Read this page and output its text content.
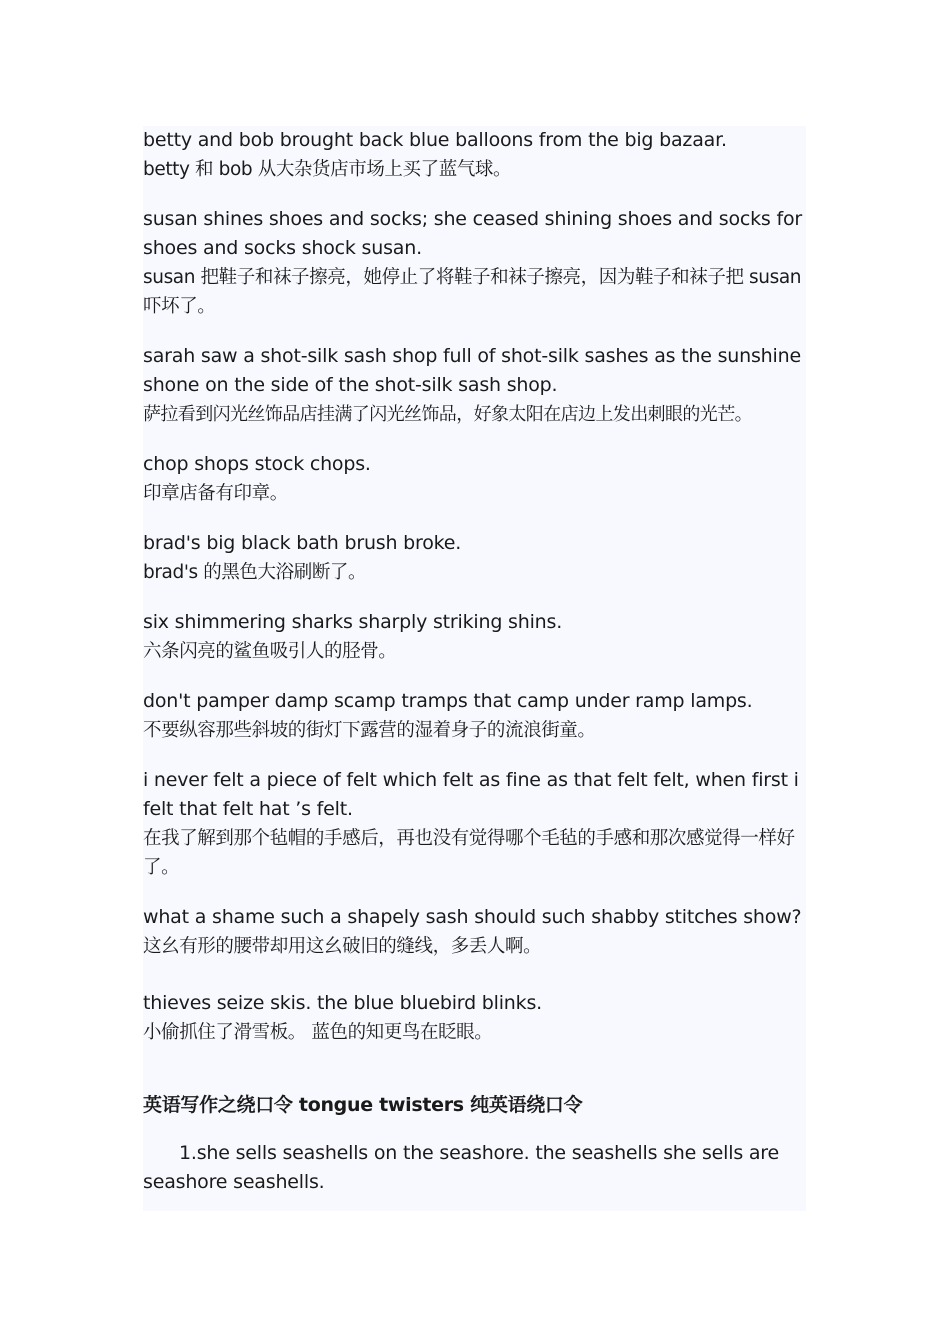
betty and bob brought back blue balloons from the big bazaar.
betty 和 bob 从大杂货店市场上买了蓝气球。

susan shines shoes and socks; she ceased shining shoes and socks for shoes and socks shock susan.
susan 把鞋子和袜子擦亮，她停止了将鞋子和袜子擦亮，因为鞋子和袜子把 susan 吓坏了。

sarah saw a shot-silk sash shop full of shot-silk sashes as the sunshine shone on the side of the shot-silk sash shop.
萨拉看到闪光丝饰品店挂满了闪光丝饰品，好象太阳在店边上发出刺眼的光芒。

chop shops stock chops.
印章店备有印章。

brad's big black bath brush broke.
brad's 的黑色大浴刷断了。

six shimmering sharks sharply striking shins.
六条闪亮的鲨鱼吸引人的胫骨。

don't pamper damp scamp tramps that camp under ramp lamps.
不要纵容那些斜坡的街灯下露营的湿着身子的流浪街童。

i never felt a piece of felt which felt as fine as that felt felt, when first i felt that felt hat ’s felt.
在我了解到那个毡帽的手感后，再也没有觉得哪个毛毡的手感和那次感觉得一样好了。

what a shame such a shapely sash should such shabby stitches show?
这幺有形的腰带却用这幺破旧的缝线，多丢人啊。

thieves seize skis. the blue bluebird blinks.
小偷抓住了滑雪板。 蓝色的知更鸟在眨眼。

英语写作之绕口令 tongue twisters 纯英语绕口令

1.she sells seashells on the seashore. the seashells she sells are seashore seashells.
